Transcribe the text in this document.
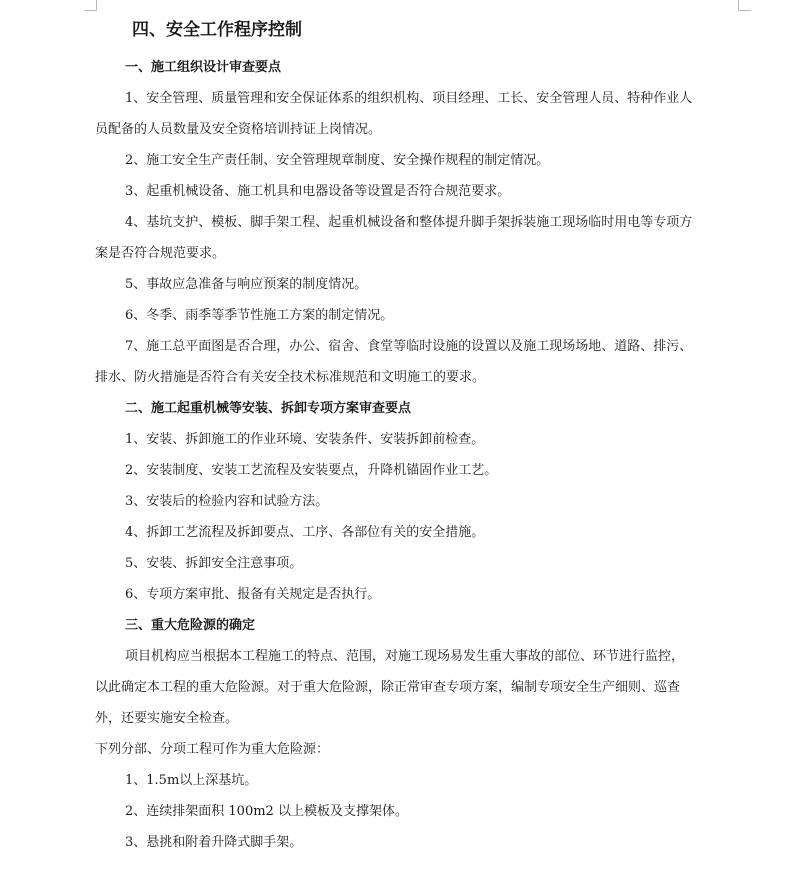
四、安全工作程序控制
一、施工组织设计审查要点
1、安全管理、质量管理和安全保证体系的组织机构、项目经理、工长、安全管理人员、特种作业人
员配备的人员数量及安全资格培训持证上岗情况。
2、施工安全生产责任制、安全管理规章制度、安全操作规程的制定情况。
3、起重机械设备、施工机具和电器设备等设置是否符合规范要求。
4、基坑支护、模板、脚手架工程、起重机械设备和整体提升脚手架拆装施工现场临时用电等专项方
案是否符合规范要求。
5、事故应急准备与响应预案的制度情况。
6、冬季、雨季等季节性施工方案的制定情况。
7、施工总平面图是否合理，办公、宿舍、食堂等临时设施的设置以及施工现场场地、道路、排污、
排水、防火措施是否符合有关安全技术标准规范和文明施工的要求。
二、施工起重机械等安装、拆卸专项方案审查要点
1、安装、拆卸施工的作业环境、安装条件、安装拆卸前检查。
2、安装制度、安装工艺流程及安装要点，升降机锚固作业工艺。
3、安装后的检验内容和试验方法。
4、拆卸工艺流程及拆卸要点、工序、各部位有关的安全措施。
5、安装、拆卸安全注意事项。
6、专项方案审批、报备有关规定是否执行。
三、重大危险源的确定
项目机构应当根据本工程施工的特点、范围，对施工现场易发生重大事故的部位、环节进行监控，
以此确定本工程的重大危险源。对于重大危险源，除正常审查专项方案，编制专项安全生产细则、巡查
外，还要实施安全检查。
下列分部、分项工程可作为重大危险源：
1、1.5m以上深基坑。
2、连续排架面积 100m2 以上模板及支撑架体。
3、悬挑和附着升降式脚手架。
